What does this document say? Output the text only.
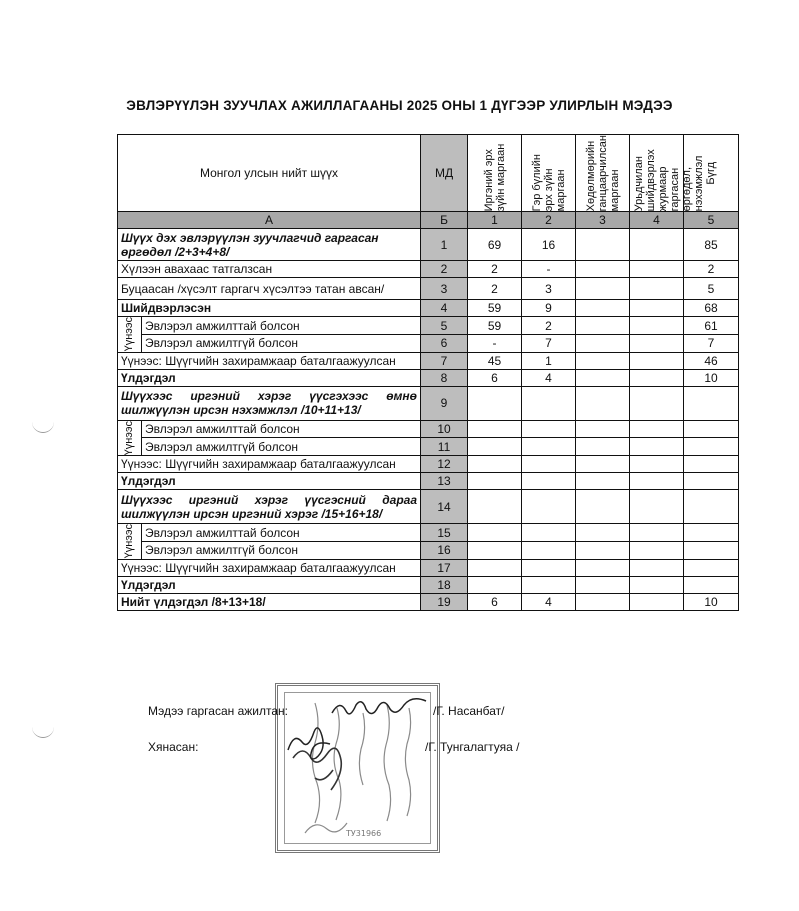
ЭВЛЭРҮҮЛЭН ЗУУЧЛАХ АЖИЛЛАГААНЫ 2025 ОНЫ 1 ДҮГЭЭР УЛИРЛЫН МЭДЭЭ
Монгол улсын нийт шүүх		МД	Иргэний эрх зүйн маргаан	Гэр бүлийн эрх зүйн маргаан	Хөдөлмөрийн ганцаарчилсан маргаан	Урьдчилан шийдвэрлэх журмаар гаргасан өргөдөл, нэхэмжлэл	Бүгд

А		Б	1	2	3	4	5
Шүүх дэх эвлэрүүлэн зуучлагчид гаргасан өргөдөл /2+3+4+8/		1	69	16			85
Хүлээн авахаас татгалзсан		2	2	-			2
Буцаасан /хүсэлт гаргагч хүсэлтээ татан авсан/		3	2	3			5
Шийдвэрлэсэн		4	59	9			68

Үүнээс	Эвлэрэл амжилттай болсон	5	59	2			61
	Эвлэрэл амжилтгүй болсон	6	-	7			7
Үүнээс: Шүүгчийн захирамжаар баталгаажуулсан		7	45	1			46
Үлдэгдэл		8	6	4			10
Шүүхээс иргэний хэрэг үүсгэхээс өмнө шилжүүлэн ирсэн нэхэмжлэл /10+11+13/		9					

Үүнээс	Эвлэрэл амжилттай болсон	10					
	Эвлэрэл амжилтгүй болсон	11					
Үүнээс: Шүүгчийн захирамжаар баталгаажуулсан		12					
Үлдэгдэл		13					
Шүүхээс иргэний хэрэг үүсгэсний дараа шилжүүлэн ирсэн иргэний хэрэг /15+16+18/		14					

Үүнээс	Эвлэрэл амжилттай болсон	15					
	Эвлэрэл амжилтгүй болсон	16					
Үүнээс: Шүүгчийн захирамжаар баталгаажуулсан		17					
Үлдэгдэл		18					
Нийт үлдэгдэл /8+13+18/		19	6	4			10
ТУ31966
Мэдээ гаргасан ажилтан:	/Г. Насанбат/
Хянасан:	/Г. Тунгалагтуяа /
